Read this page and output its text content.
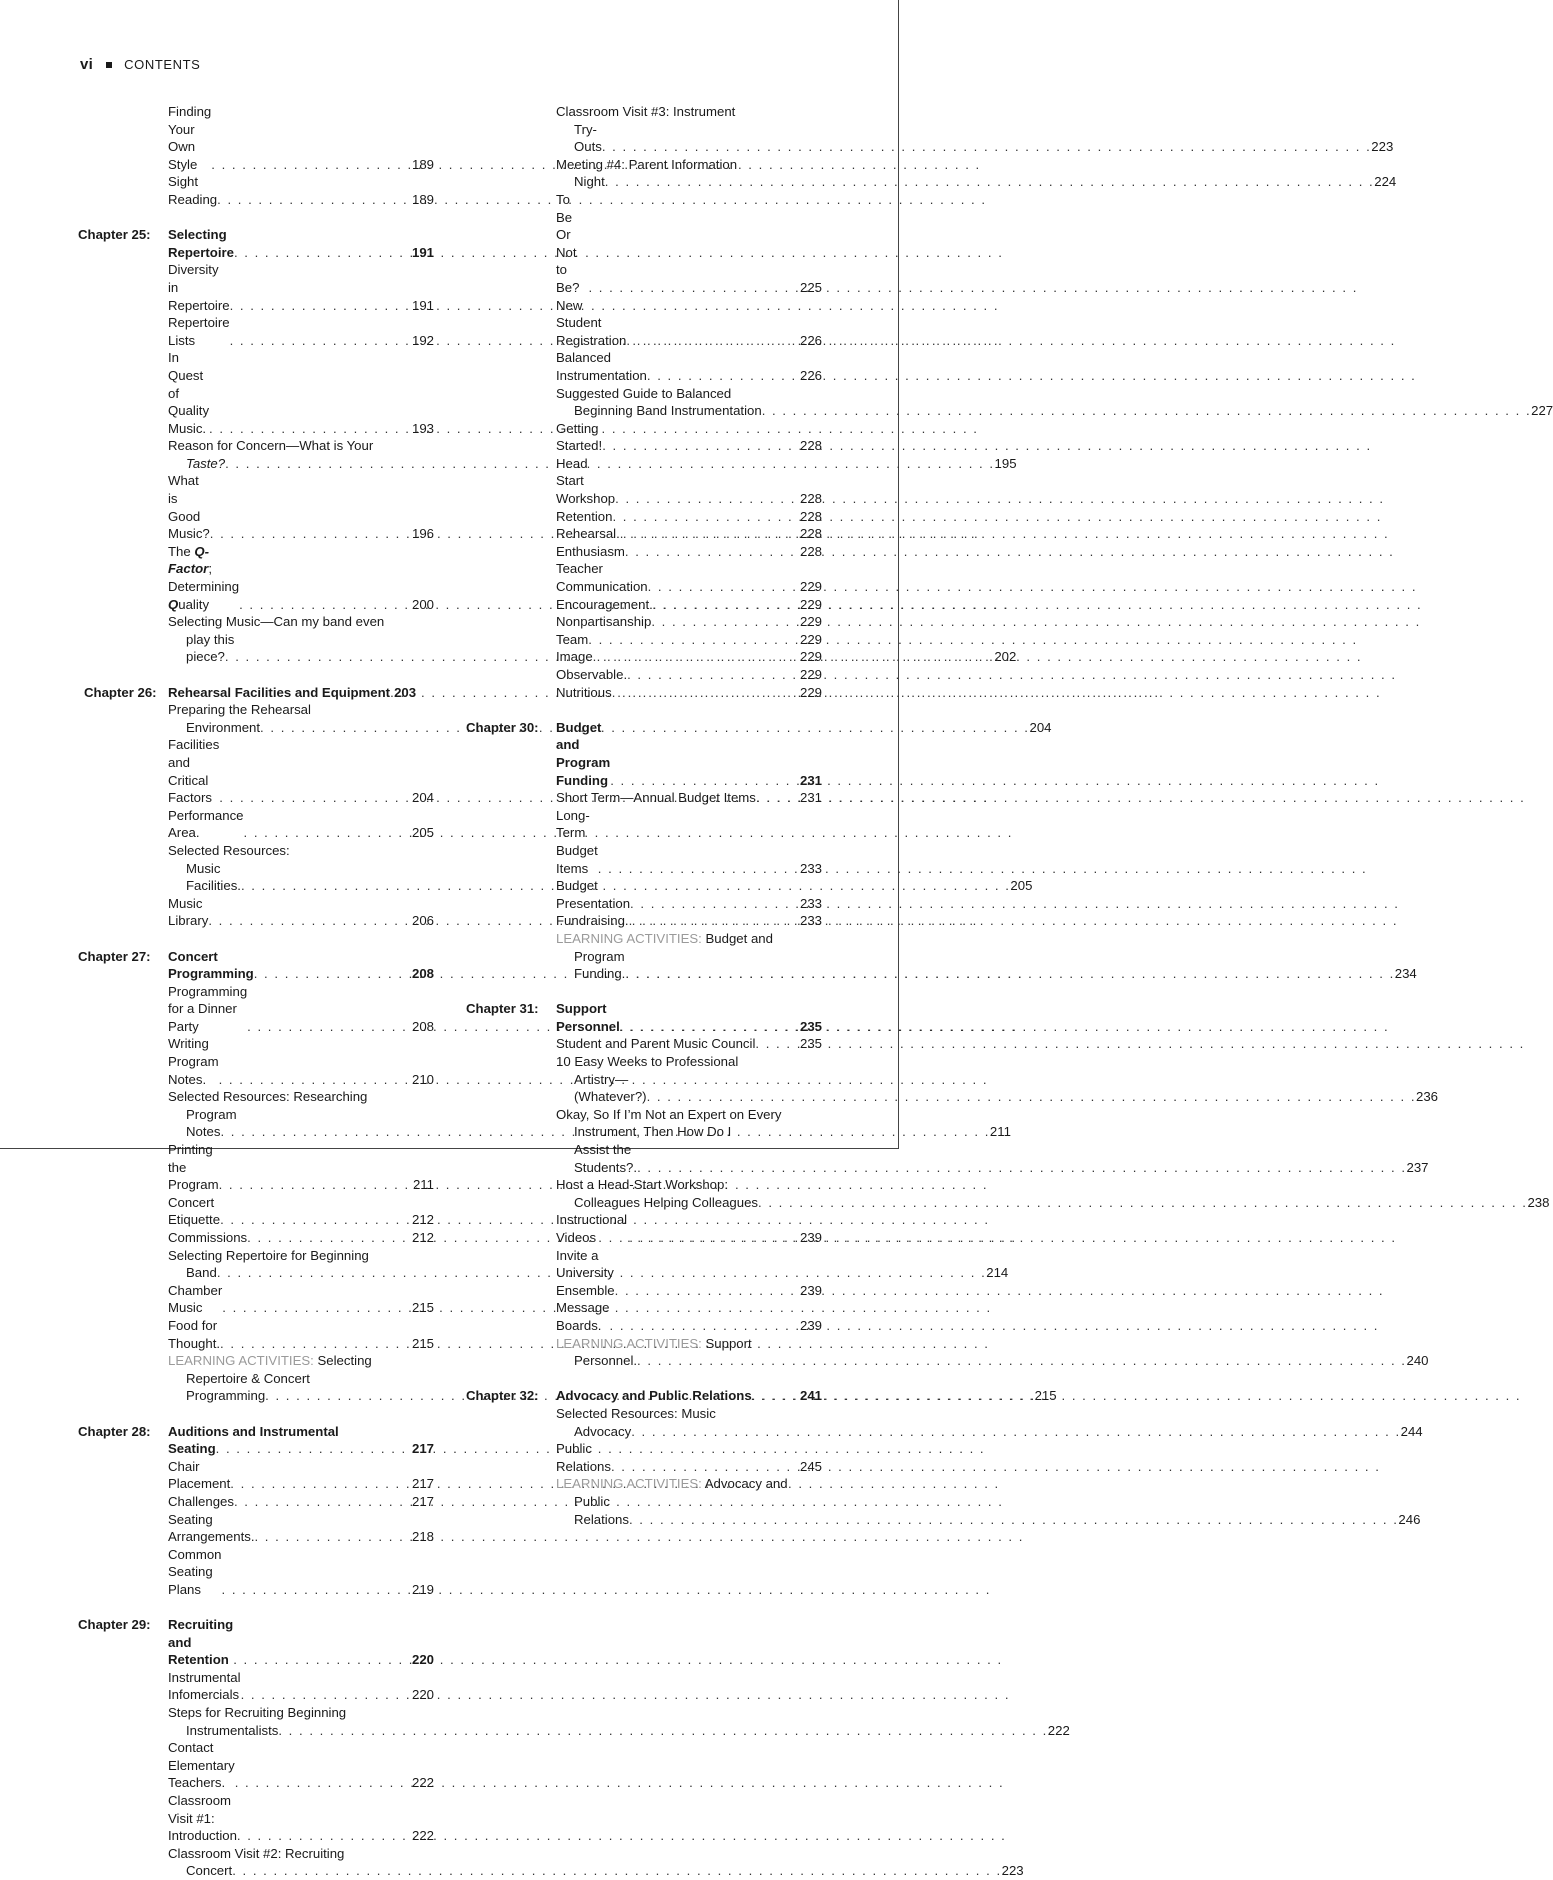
vi CONTENTS
Finding Your Own Style . . .	189
Sight Reading . . .	189
Chapter 25:	Selecting Repertoire . . .	191
Diversity in Repertoire . . .	191
Repertoire Lists . . .	192
In Quest of Quality Music. . . .	193
Reason for Concern—What is Your
Taste? . . .	195
What is Good Music? . . .	196
The Q-Factor; Determining Quality . . .	200
Selecting Music—Can my band even
play this piece? . . .	202
Chapter 26: Rehearsal Facilities and Equipment . . . 203
Preparing the Rehearsal
Environment . . .	204
Facilities and Critical Factors . . .	204
Performance Area. . . .	205
Selected Resources:
Music Facilities. . . .	205
Music Library . . .	206
Chapter 27:	Concert Programming . . .	208
Programming for a Dinner Party . . .	208
Writing Program Notes. . . .	210
Selected Resources: Researching
Program Notes . . .	211
Printing the Program . . .	211
Concert Etiquette . . .	212
Commissions . . .	212
Selecting Repertoire for Beginning
Band . . .	214
Chamber Music . . .	215
Food for Thought. . . .	215
LEARNING ACTIVITIES: Selecting
Repertoire & Concert
Programming . . .	215
Chapter 28:	Auditions and Instrumental
Seating . . .	217
Chair Placement . . .	217
Challenges . . .	217
Seating Arrangements. . . .	218
Common Seating Plans . . .	219
Chapter 29:	Recruiting and Retention . . .	220
Instrumental Infomercials . . .	220
Steps for Recruiting Beginning
Instrumentalists . . .	222
Contact Elementary Teachers. . . .	222
Classroom Visit #1: Introduction . . .	222
Classroom Visit #2: Recruiting
Concert . . .	223
Classroom Visit #3: Instrument
Try-Outs . . .	223
Meeting #4: Parent Information
Night . . .	224
To Be Or Not to Be? . . .	225
New Student Registration . . .	226
Balanced Instrumentation . . .	226
Suggested Guide to Balanced
Beginning Band Instrumentation . . .	227
Getting Started! . . .	228
Head Start Workshop . . .	228
Retention . . .	228
Rehearsal. . . .	228
Enthusiasm . . .	228
Teacher Communication . . .	229
Encouragement. . . .	229
Nonpartisanship . . .	229
Team . . .	229
Image . . .	229
Observable. . . .	229
Nutritious . . .	229
Chapter 30:	Budget and Program Funding . . .	231
Short Term—Annual Budget Items . . .	231
Long-Term Budget Items . . .	233
Budget Presentation . . .	233
Fundraising. . . .	233
LEARNING ACTIVITIES: Budget and
Program Funding. . . .	234
Chapter 31:	Support Personnel . . .	235
Student and Parent Music Council . . .	235
10 Easy Weeks to Professional
Artistry—(Whatever?) . . .	236
Okay, So If I’m Not an Expert on Every
Instrument, Then How Do I
Assist the Students?. . . .	237
Host a Head-Start Workshop:
Colleagues Helping Colleagues . . .	238
Instructional Videos . . .	239
Invite a University Ensemble . . .	239
Message Boards. . . .	239
LEARNING ACTIVITIES: Support
Personnel. . . .	240
Chapter 32:	Advocacy and Public Relations . . .	241
Selected Resources: Music
Advocacy . . .	244
Public Relations . . .	245
LEARNING ACTIVITIES: Advocacy and
Public Relations . . .	246
